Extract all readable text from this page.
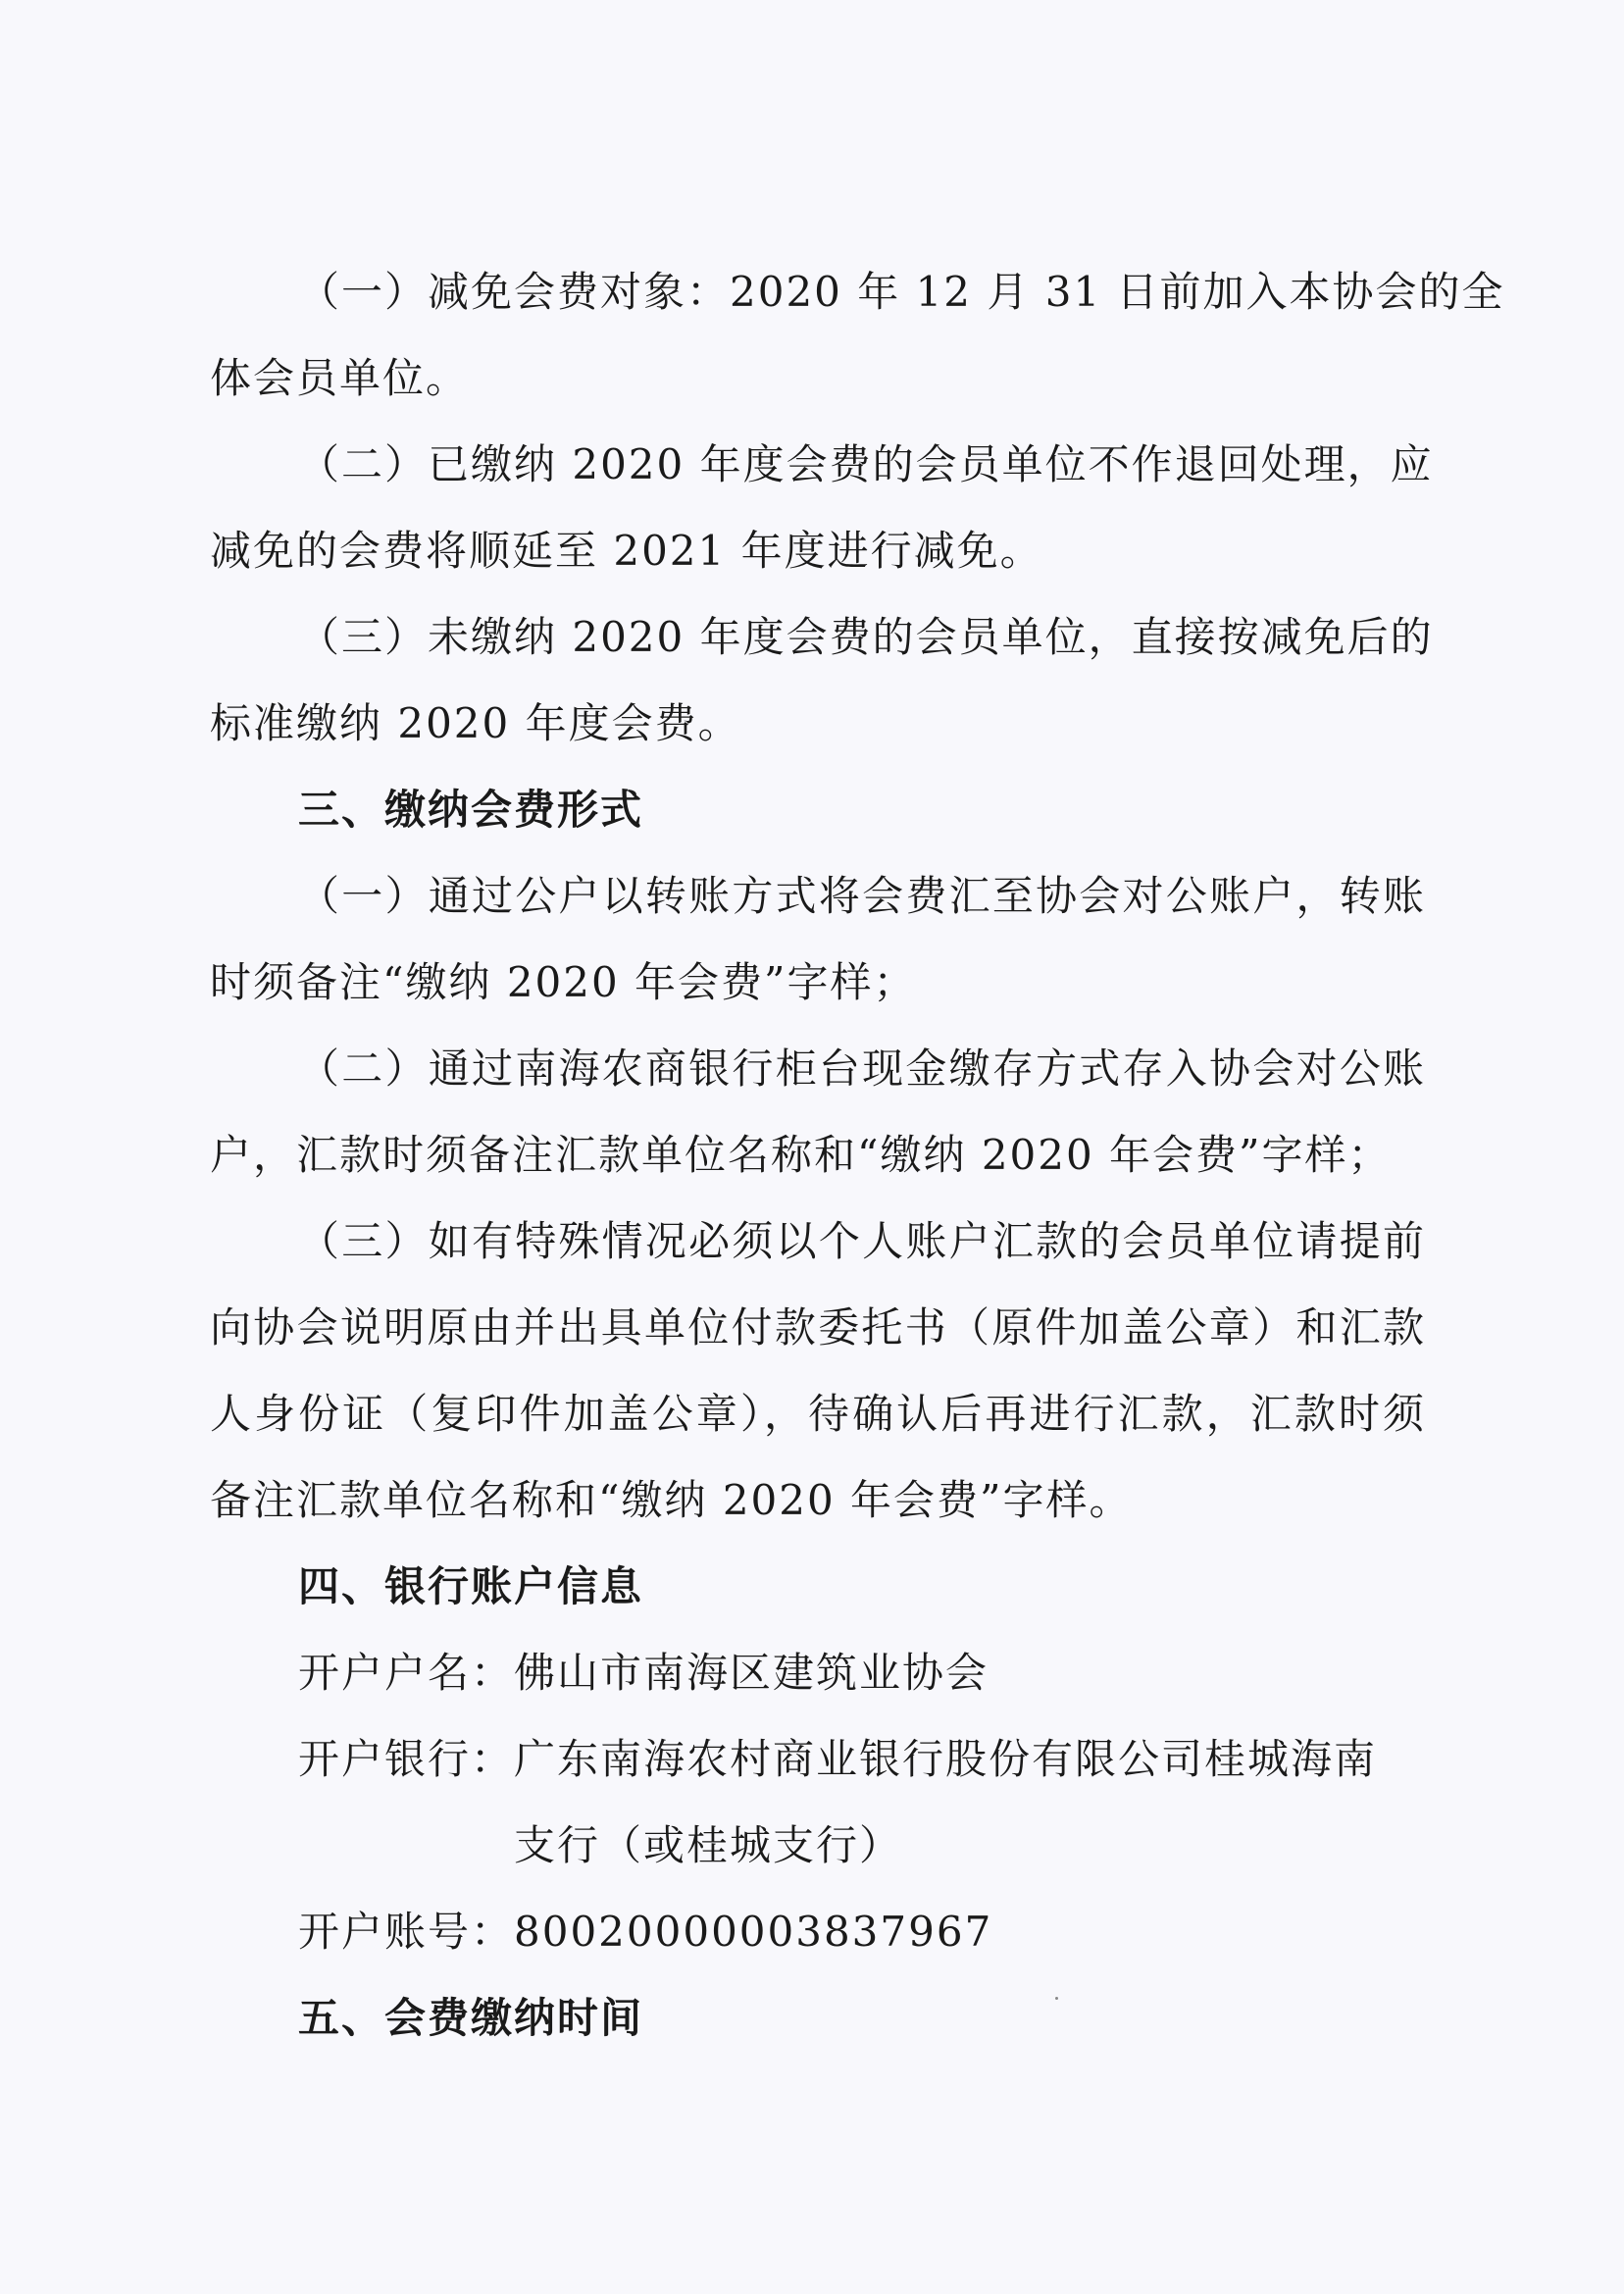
（一）减免会费对象：2020 年 12 月 31 日前加入本协会的全
体会员单位。
（二）已缴纳 2020 年度会费的会员单位不作退回处理，应
减免的会费将顺延至 2021 年度进行减免。
（三）未缴纳 2020 年度会费的会员单位，直接按减免后的
标准缴纳 2020 年度会费。
三、缴纳会费形式
（一）通过公户以转账方式将会费汇至协会对公账户，转账
时须备注“缴纳 2020 年会费”字样；
（二）通过南海农商银行柜台现金缴存方式存入协会对公账
户，汇款时须备注汇款单位名称和“缴纳 2020 年会费”字样；
（三）如有特殊情况必须以个人账户汇款的会员单位请提前
向协会说明原由并出具单位付款委托书（原件加盖公章）和汇款
人身份证（复印件加盖公章），待确认后再进行汇款，汇款时须
备注汇款单位名称和“缴纳 2020 年会费”字样。
四、银行账户信息
开户户名：佛山市南海区建筑业协会
开户银行：广东南海农村商业银行股份有限公司桂城海南
支行（或桂城支行）
开户账号：80020000003837967
五、会费缴纳时间
